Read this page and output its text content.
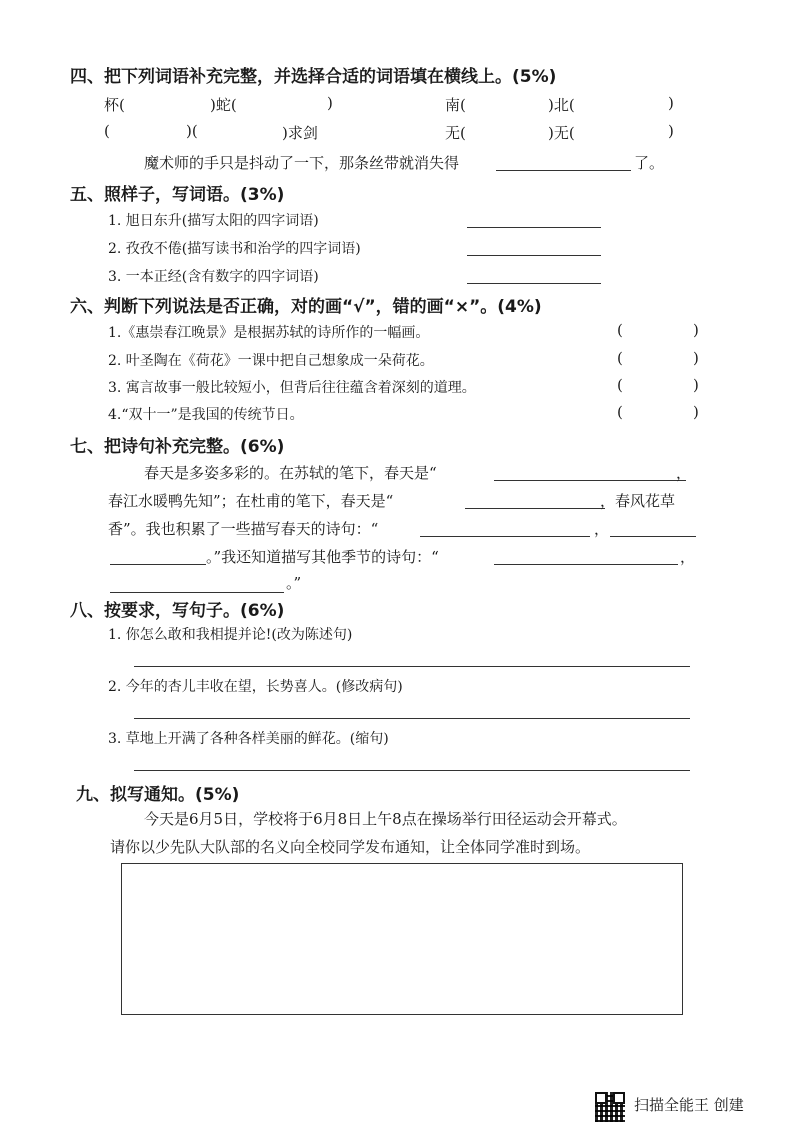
四、把下列词语补充完整，并选择合适的词语填在横线上。(5%)
杯(	)蛇(	)	南(	)北(	)
(	)(	)求剑	无(	)无(	)
魔术师的手只是抖动了一下，那条丝带就消失得	了。
五、照样子，写词语。(3%)
1. 旭日东升(描写太阳的四字词语)
2. 孜孜不倦(描写读书和治学的四字词语)
3. 一本正经(含有数字的四字词语)
六、判断下列说法是否正确，对的画“√”，错的画“×”。(4%)
1.《惠崇春江晚景》是根据苏轼的诗所作的一幅画。	(	)
2. 叶圣陶在《荷花》一课中把自己想象成一朵荷花。	(	)
3. 寓言故事一般比较短小，但背后往往蕴含着深刻的道理。	(	)
4.“双十一”是我国的传统节日。	(	)
七、把诗句补充完整。(6%)
春天是多姿多彩的。在苏轼的笔下，春天是“	，
春江水暖鸭先知”；在杜甫的笔下，春天是“	，春风花草
香”。我也积累了一些描写春天的诗句：“	，
。”我还知道描写其他季节的诗句：“	，
。”
八、按要求，写句子。(6%)
1. 你怎么敢和我相提并论!(改为陈述句)
2. 今年的杏儿丰收在望，长势喜人。(修改病句)
3. 草地上开满了各种各样美丽的鲜花。(缩句)
九、拟写通知。(5%)
今天是6月5日，学校将于6月8日上午8点在操场举行田径运动会开幕式。
请你以少先队大队部的名义向全校同学发布通知，让全体同学准时到场。
扫描全能王 创建
